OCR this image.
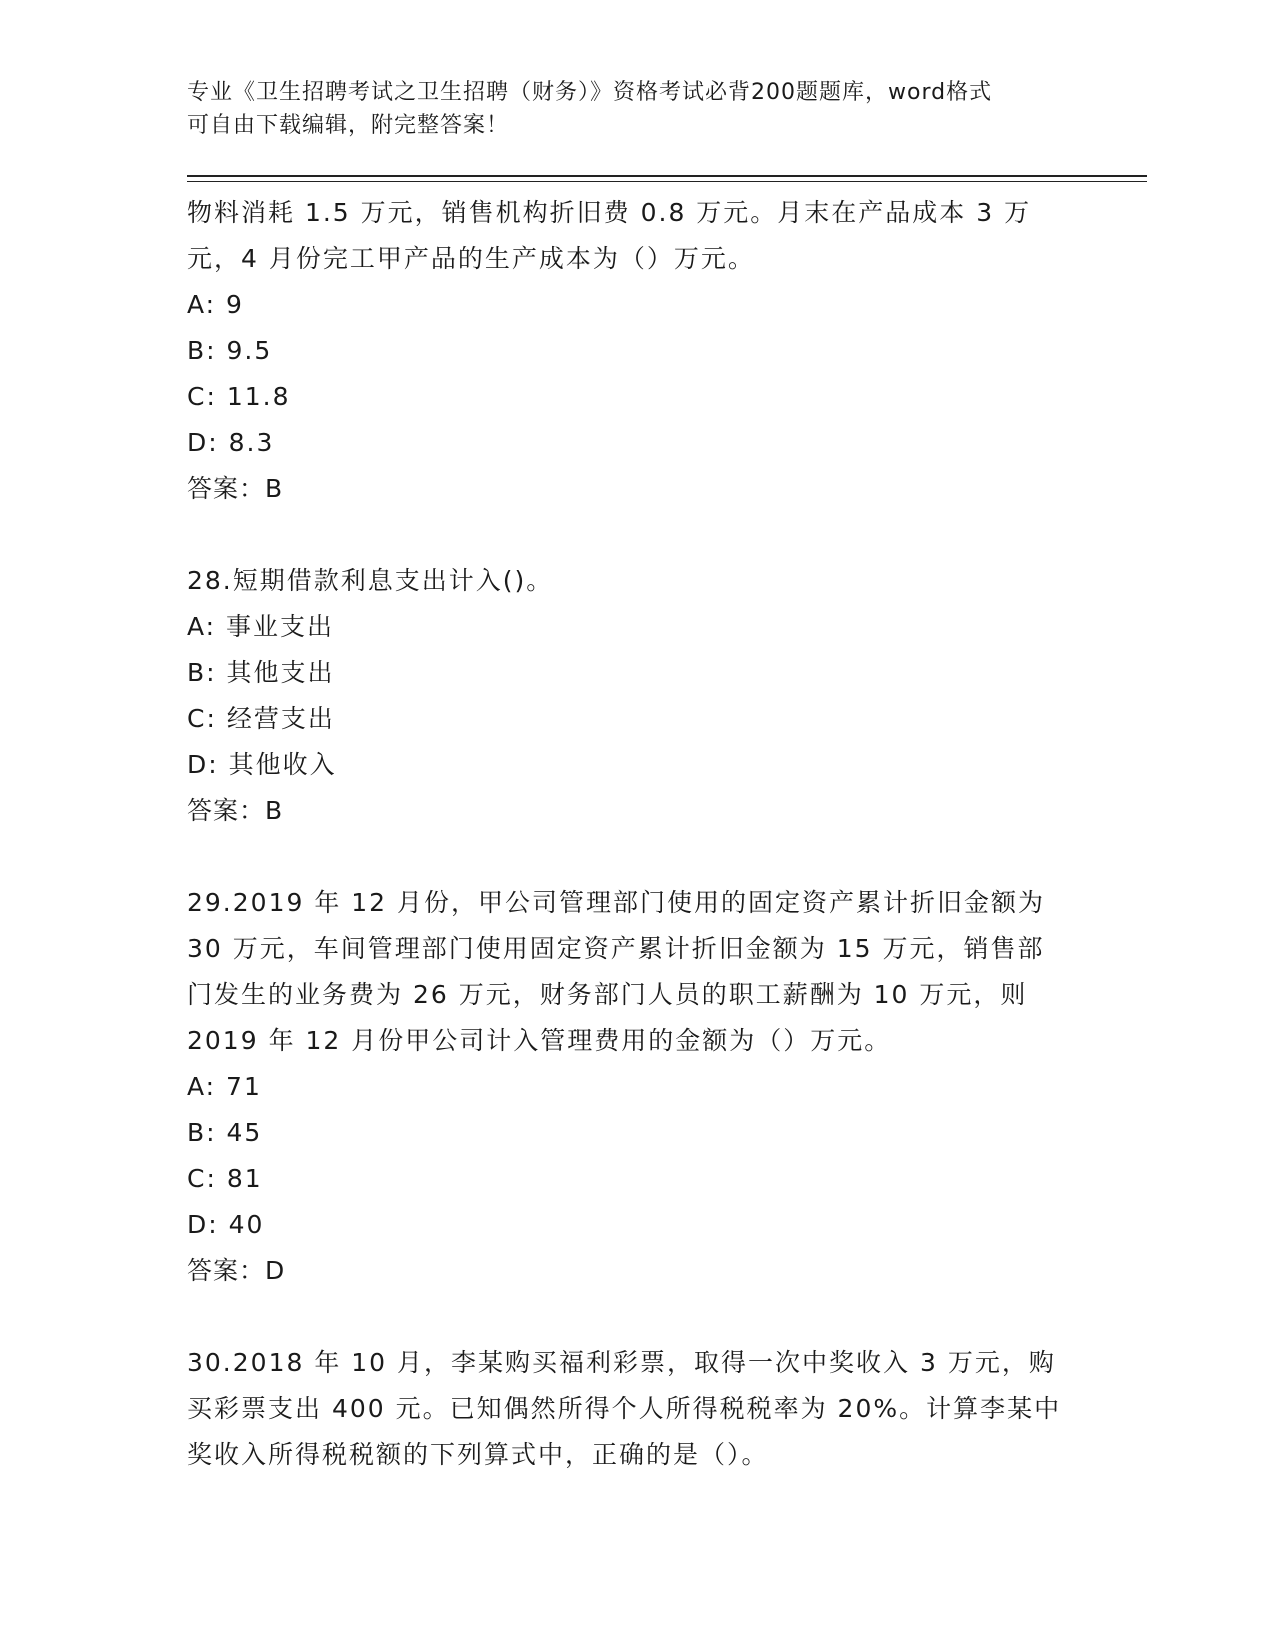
专业《卫生招聘考试之卫生招聘（财务）》资格考试必背200题题库，word格式
可自由下载编辑，附完整答案！
物料消耗 1.5 万元，销售机构折旧费 0.8 万元。月末在产品成本 3 万
元，4 月份完工甲产品的生产成本为（）万元。
A: 9
B: 9.5
C: 11.8
D: 8.3
答案：B
28.短期借款利息支出计入()。
A: 事业支出
B: 其他支出
C: 经营支出
D: 其他收入
答案：B
29.2019 年 12 月份，甲公司管理部门使用的固定资产累计折旧金额为
30 万元，车间管理部门使用固定资产累计折旧金额为 15 万元，销售部
门发生的业务费为 26 万元，财务部门人员的职工薪酬为 10 万元，则
2019 年 12 月份甲公司计入管理费用的金额为（）万元。
A: 71
B: 45
C: 81
D: 40
答案：D
30.2018 年 10 月，李某购买福利彩票，取得一次中奖收入 3 万元，购
买彩票支出 400 元。已知偶然所得个人所得税税率为 20%。计算李某中
奖收入所得税税额的下列算式中，正确的是（）。
